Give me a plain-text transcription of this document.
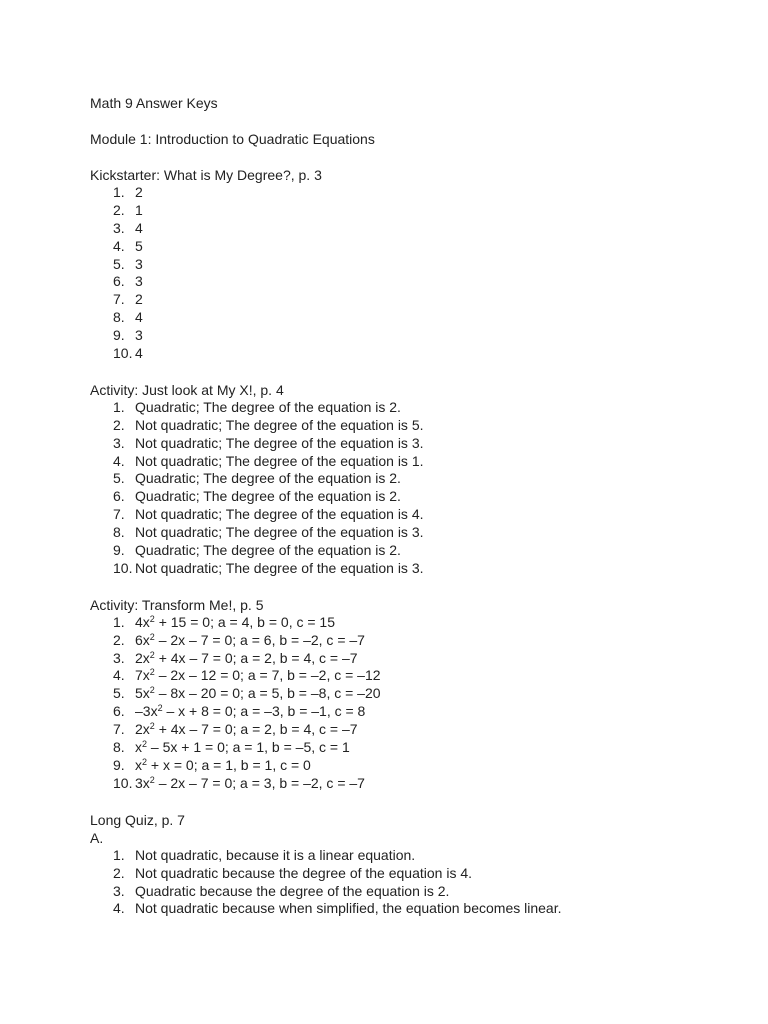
Math 9 Answer Keys
Module 1: Introduction to Quadratic Equations
Kickstarter: What is My Degree?, p. 3
1. 2
2. 1
3. 4
4. 5
5. 3
6. 3
7. 2
8. 4
9. 3
10. 4
Activity: Just look at My X!, p. 4
1. Quadratic; The degree of the equation is 2.
2. Not quadratic; The degree of the equation is 5.
3. Not quadratic; The degree of the equation is 3.
4. Not quadratic; The degree of the equation is 1.
5. Quadratic; The degree of the equation is 2.
6. Quadratic; The degree of the equation is 2.
7. Not quadratic; The degree of the equation is 4.
8. Not quadratic; The degree of the equation is 3.
9. Quadratic; The degree of the equation is 2.
10. Not quadratic; The degree of the equation is 3.
Activity: Transform Me!, p. 5
1. $4x^2 + 15 = 0$; a = 4, b = 0, c = 15
2. $6x^2 - 2x - 7 = 0$; a = 6, b = –2, c = –7
3. $2x^2 + 4x - 7 = 0$; a = 2, b = 4, c = –7
4. $7x^2 - 2x - 12 = 0$; a = 7, b = –2, c = –12
5. $5x^2 - 8x - 20 = 0$; a = 5, b = –8, c = –20
6. $-3x^2 - x + 8 = 0$; a = –3, b = –1, c = 8
7. $2x^2 + 4x - 7 = 0$; a = 2, b = 4, c = –7
8. $x^2 - 5x + 1 = 0$; a = 1, b = –5, c = 1
9. $x^2 + x = 0$; a = 1, b = 1, c = 0
10. $3x^2 - 2x - 7 = 0$; a = 3, b = –2, c = –7
Long Quiz, p. 7
A.
1. Not quadratic, because it is a linear equation.
2. Not quadratic because the degree of the equation is 4.
3. Quadratic because the degree of the equation is 2.
4. Not quadratic because when simplified, the equation becomes linear.
